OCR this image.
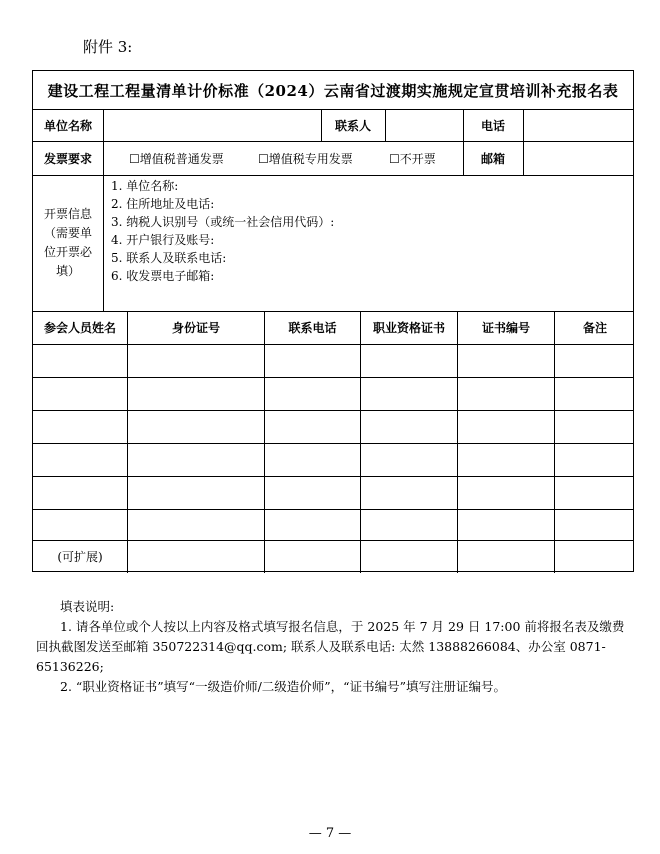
附件 3:
建设工程工程量清单计价标准（2024）云南省过渡期实施规定宣贯培训补充报名表
单位名称	联系人	电话
发票要求	☐增值税普通发票	☐增值税专用发票	☐不开票	邮箱
开票信息
（需要单
位开票必
填）
1. 单位名称:
2. 住所地址及电话:
3. 纳税人识别号（或统一社会信用代码）:
4. 开户银行及账号:
5. 联系人及联系电话:
6. 收发票电子邮箱:
参会人员姓名	身份证号	联系电话	职业资格证书	证书编号	备注
(可扩展)

填表说明:

1. 请各单位或个人按以上内容及格式填写报名信息，于 2025 年 7 月 29 日 17:00 前将报名表及缴费回执截图发送至邮箱 350722314@qq.com; 联系人及联系电话: 太然 13888266084、办公室 0871-65136226;

2. “职业资格证书”填写“一级造价师/二级造价师”，“证书编号”填写注册证编号。

— 7 —
